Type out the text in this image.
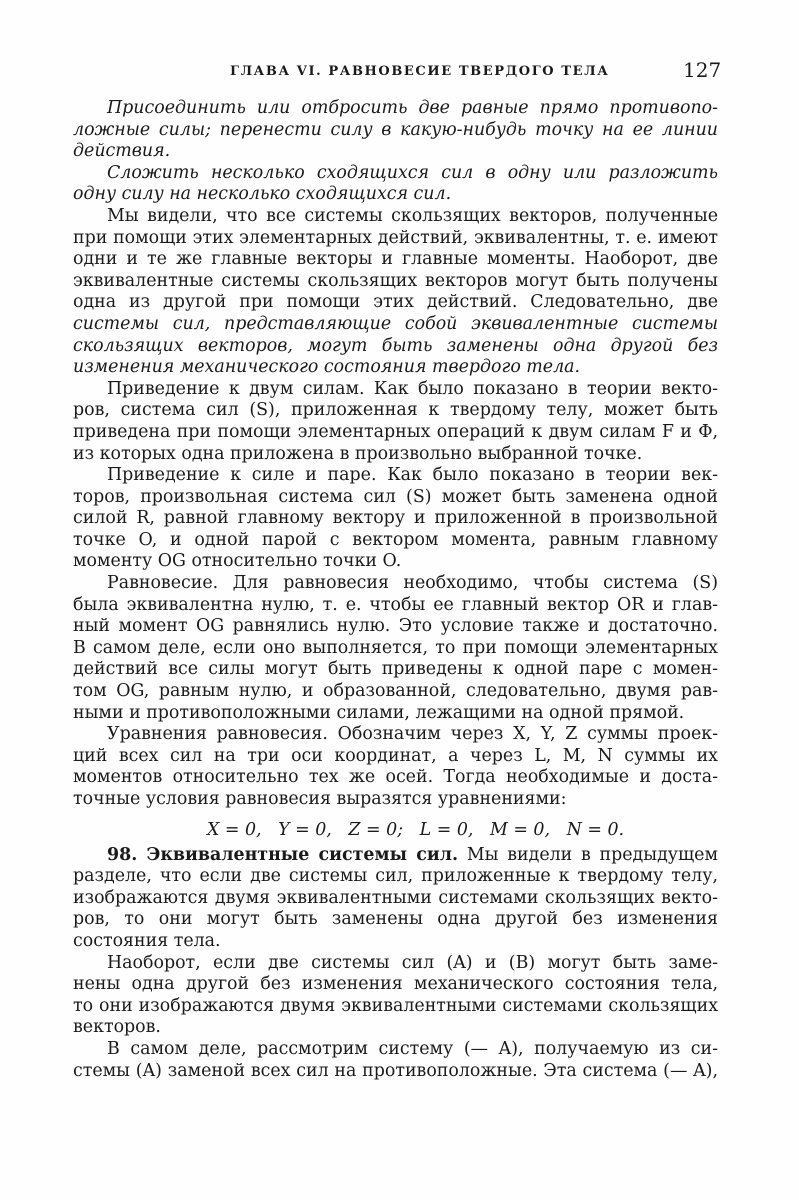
ГЛАВА VI. РАВНОВЕСИЕ ТВЕРДОГО ТЕЛА	127
Присоединить или отбросить две равные прямо противопо-
ложные силы; перенести силу в какую-нибудь точку на ее линии
действия.
Сложить несколько сходящихся сил в одну или разложить
одну силу на несколько сходящихся сил.
Мы видели, что все системы скользящих векторов, полученные
при помощи этих элементарных действий, эквивалентны, т. е. имеют
одни и те же главные векторы и главные моменты. Наоборот, две
эквивалентные системы скользящих векторов могут быть получены
одна из другой при помощи этих действий. Следовательно, две
системы сил, представляющие собой эквивалентные системы
скользящих векторов, могут быть заменены одна другой без
изменения механического состояния твердого тела.
Приведение к двум силам. Как было показано в теории векто-
ров, система сил (S), приложенная к твердому телу, может быть
приведена при помощи элементарных операций к двум силам F и Φ,
из которых одна приложена в произвольно выбранной точке.
Приведение к силе и паре. Как было показано в теории век-
торов, произвольная система сил (S) может быть заменена одной
силой R, равной главному вектору и приложенной в произвольной
точке O, и одной парой с вектором момента, равным главному
моменту OG относительно точки O.
Равновесие. Для равновесия необходимо, чтобы система (S)
была эквивалентна нулю, т. е. чтобы ее главный вектор OR и глав-
ный момент OG равнялись нулю. Это условие также и достаточно.
В самом деле, если оно выполняется, то при помощи элементарных
действий все силы могут быть приведены к одной паре с момен-
том OG, равным нулю, и образованной, следовательно, двумя рав-
ными и противоположными силами, лежащими на одной прямой.
Уравнения равновесия. Обозначим через X, Y, Z суммы проек-
ций всех сил на три оси координат, а через L, M, N суммы их
моментов относительно тех же осей. Тогда необходимые и доста-
точные условия равновесия выразятся уравнениями:
X = 0,   Y = 0,   Z = 0;   L = 0,   M = 0,   N = 0.
98. Эквивалентные системы сил. Мы видели в предыдущем
разделе, что если две системы сил, приложенные к твердому телу,
изображаются двумя эквивалентными системами скользящих векто-
ров, то они могут быть заменены одна другой без изменения
состояния тела.
Наоборот, если две системы сил (A) и (B) могут быть заме-
нены одна другой без изменения механического состояния тела,
то они изображаются двумя эквивалентными системами скользящих
векторов.
В самом деле, рассмотрим систему (— A), получаемую из си-
стемы (A) заменой всех сил на противоположные. Эта система (— A),
